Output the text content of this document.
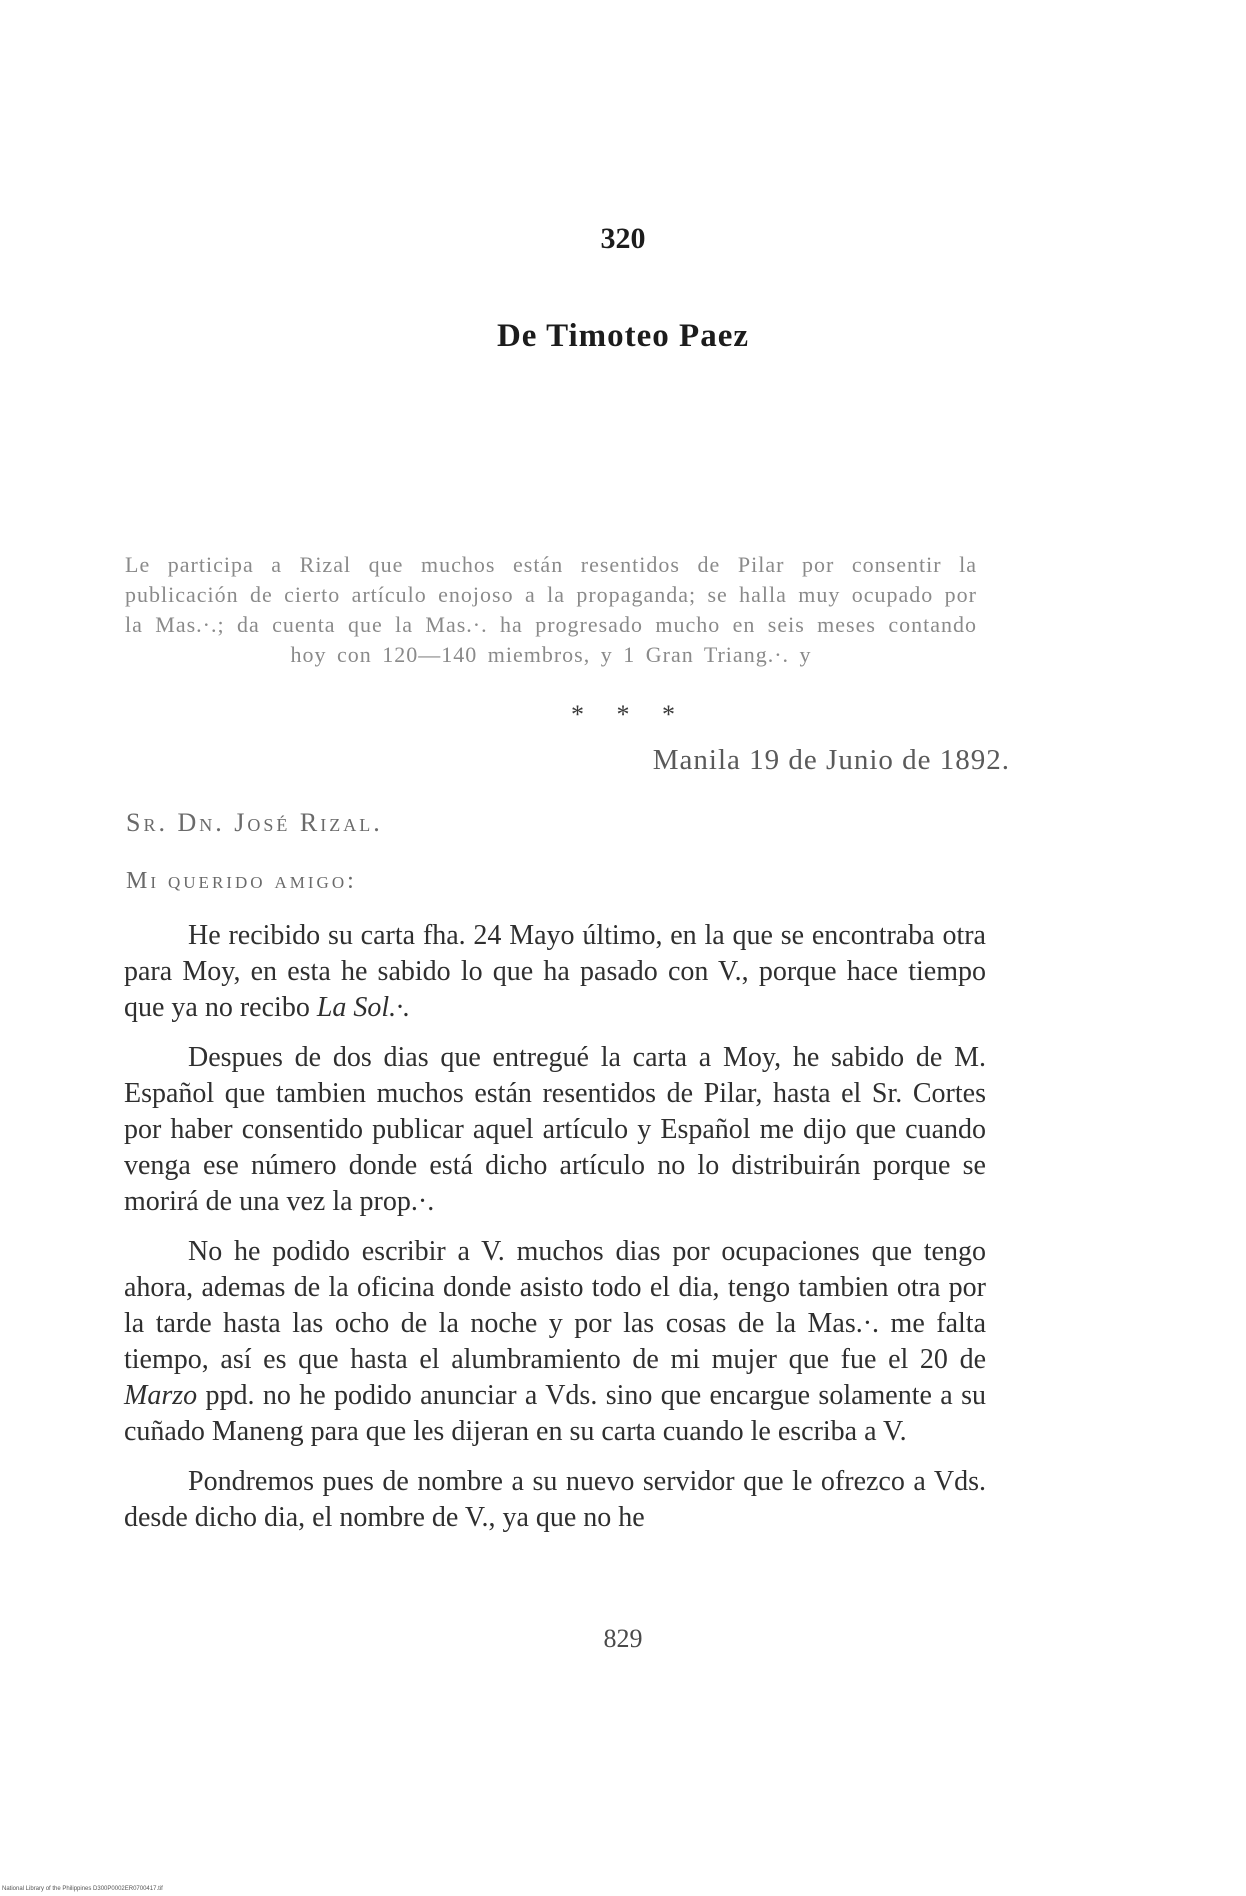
320
De Timoteo Paez
Le participa a Rizal que muchos están resentidos de Pilar por consentir la publicación de cierto artículo enojoso a la propaganda; se halla muy ocupado por la Mas.·.; da cuenta que la Mas.·. ha progresado mucho en seis meses contando hoy con 120—140 miembros, y 1 Gran Triang.·. y
* * *
Manila 19 de Junio de 1892.
Sr. Dn. José Rizal.
Mi querido amigo:

He recibido su carta fha. 24 Mayo último, en la que se encontraba otra para Moy, en esta he sabido lo que ha pasado con V., porque hace tiempo que ya no recibo La Sol.·.

Despues de dos dias que entregué la carta a Moy, he sabido de M. Español que tambien muchos están resentidos de Pilar, hasta el Sr. Cortes por haber consentido publicar aquel artículo y Español me dijo que cuando venga ese número donde está dicho artículo no lo distribuirán porque se morirá de una vez la prop.·.

No he podido escribir a V. muchos dias por ocupaciones que tengo ahora, ademas de la oficina donde asisto todo el dia, tengo tambien otra por la tarde hasta las ocho de la noche y por las cosas de la Mas.·. me falta tiempo, así es que hasta el alumbramiento de mi mujer que fue el 20 de Marzo ppd. no he podido anunciar a Vds. sino que encargue solamente a su cuñado Maneng para que les dijeran en su carta cuando le escriba a V.

Pondremos pues de nombre a su nuevo servidor que le ofrezco a Vds. desde dicho dia, el nombre de V., ya que no he

829
National Library of the Philippines D300P0002ER0700417.tif
